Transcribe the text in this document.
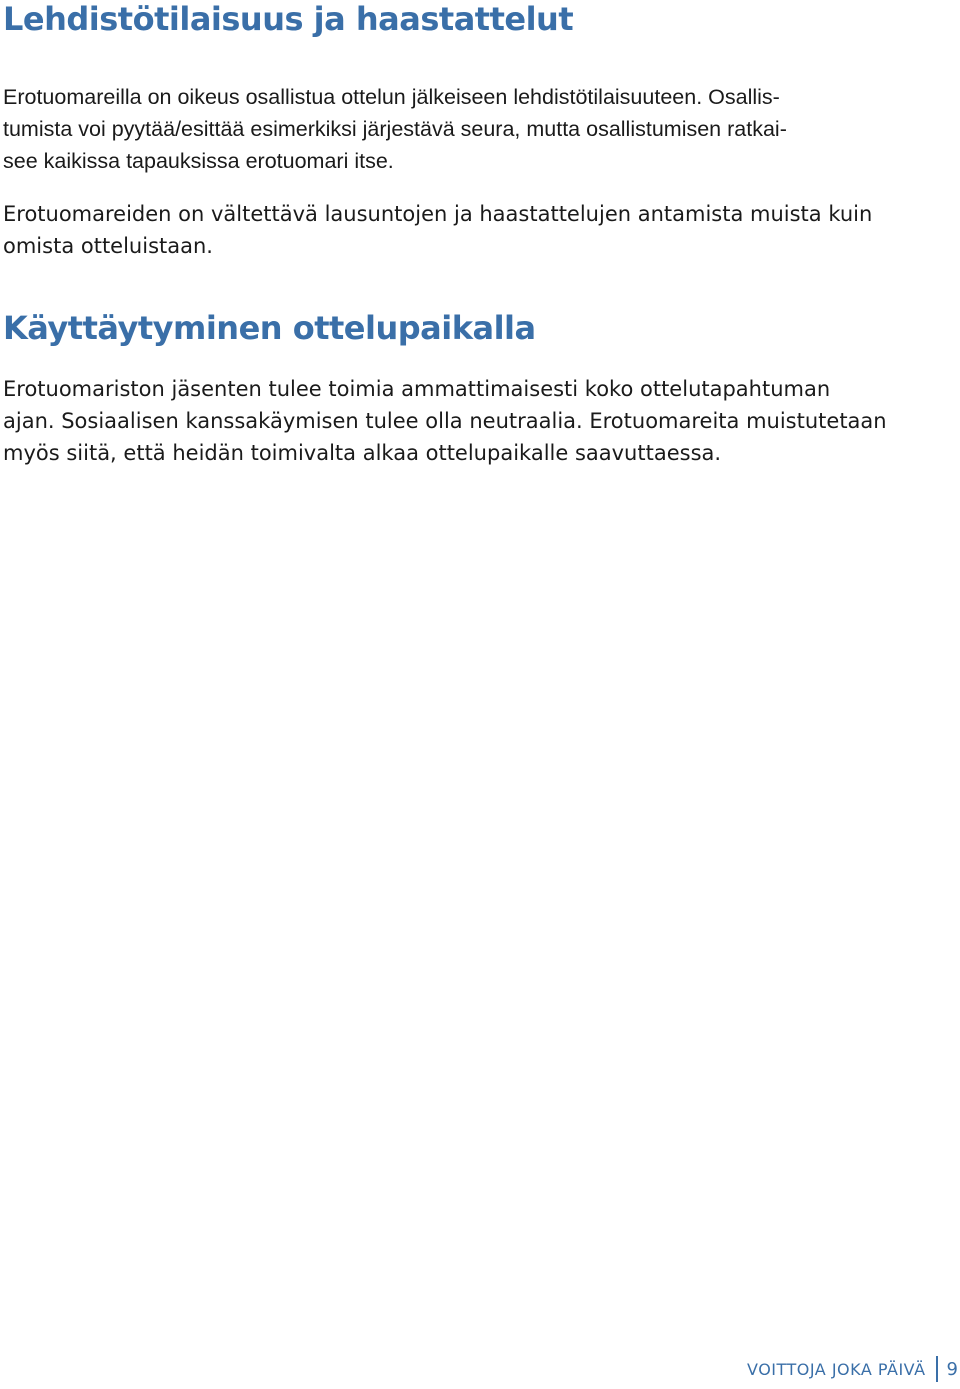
Lehdistötilaisuus ja haastattelut

Erotuomareilla on oikeus osallistua ottelun jälkeiseen lehdistötilaisuuteen. Osallis-
tumista voi pyytää/esittää esimerkiksi järjestävä seura, mutta osallistumisen ratkai-
see kaikissa tapauksissa erotuomari itse.

Erotuomareiden on vältettävä lausuntojen ja haastattelujen antamista muista kuin
omista otteluistaan.

Käyttäytyminen ottelupaikalla

Erotuomariston jäsenten tulee toimia ammattimaisesti koko ottelutapahtuman
ajan. Sosiaalisen kanssakäymisen tulee olla neutraalia. Erotuomareita muistutetaan
myös siitä, että heidän toimivalta alkaa ottelupaikalle saavuttaessa.

VOITTOJA JOKA PÄIVÄ 9
